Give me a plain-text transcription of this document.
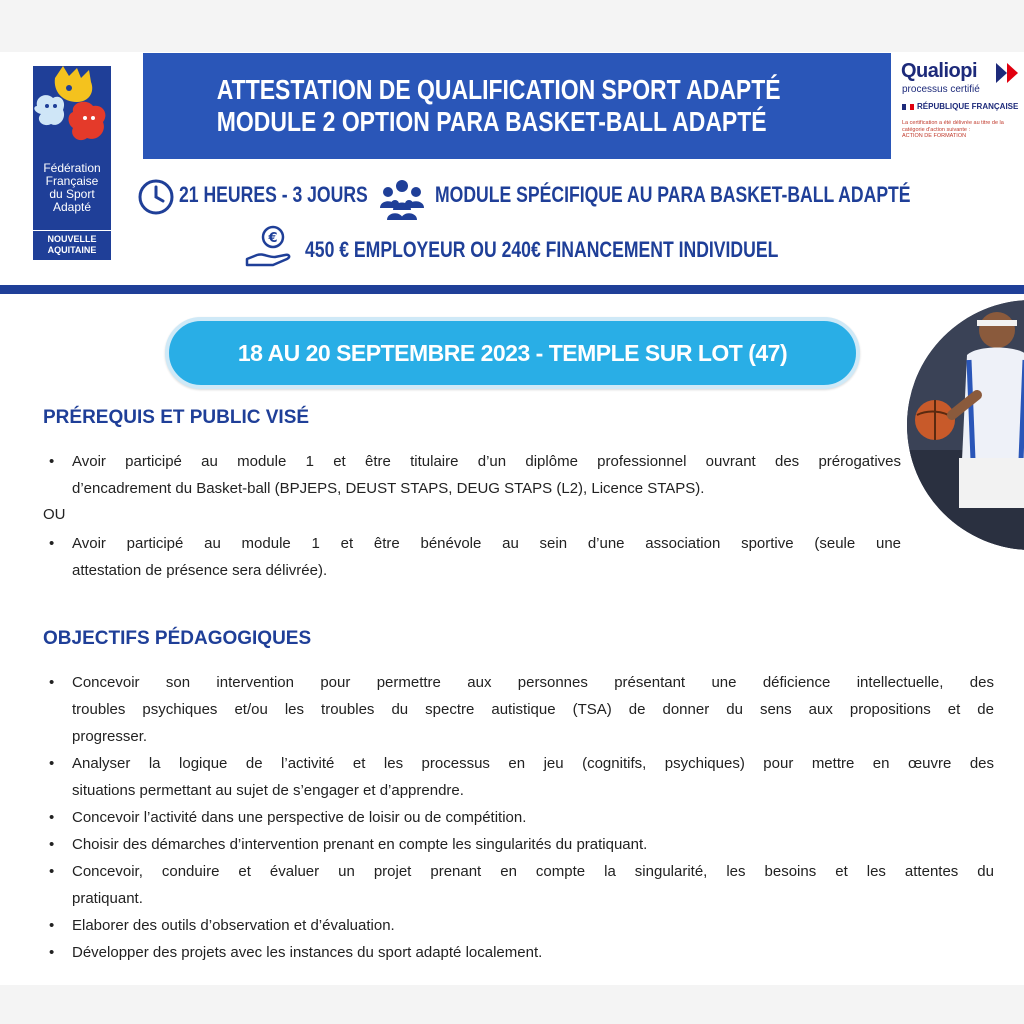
Fédération
Française
du Sport
Adapté
NOUVELLE
AQUITAINE
ATTESTATION DE QUALIFICATION SPORT ADAPTÉ
MODULE 2 OPTION PARA BASKET-BALL ADAPTÉ
Qualiopi
processus certifié
RÉPUBLIQUE FRANÇAISE
La certification a été délivrée au titre de la catégorie d'action suivante :
ACTION DE FORMATION
21 HEURES - 3 JOURS	MODULE SPÉCIFIQUE AU PARA BASKET-BALL ADAPTÉ
€ 450 € EMPLOYEUR OU 240€ FINANCEMENT INDIVIDUEL
18 AU 20 SEPTEMBRE 2023 - TEMPLE SUR LOT (47)
PRÉREQUIS ET PUBLIC VISÉ
• Avoir participé au module 1 et être titulaire d’un diplôme professionnel ouvrant des prérogatives
d’encadrement du Basket-ball (BPJEPS, DEUST STAPS, DEUG STAPS (L2), Licence STAPS).
OU
• Avoir participé au module 1 et être bénévole au sein d’une association sportive (seule une
attestation de présence sera délivrée).
OBJECTIFS PÉDAGOGIQUES
• Concevoir son intervention pour permettre aux personnes présentant une déficience intellectuelle, des
troubles psychiques et/ou les troubles du spectre autistique (TSA) de donner du sens aux propositions et de
progresser.
• Analyser la logique de l’activité et les processus en jeu (cognitifs, psychiques) pour mettre en œuvre des
situations permettant au sujet de s’engager et d’apprendre.
• Concevoir l’activité dans une perspective de loisir ou de compétition.
• Choisir des démarches d’intervention prenant en compte les singularités du pratiquant.
• Concevoir, conduire et évaluer un projet prenant en compte la singularité, les besoins et les attentes du
pratiquant.
• Elaborer des outils d’observation et d’évaluation.
• Développer des projets avec les instances du sport adapté localement.
